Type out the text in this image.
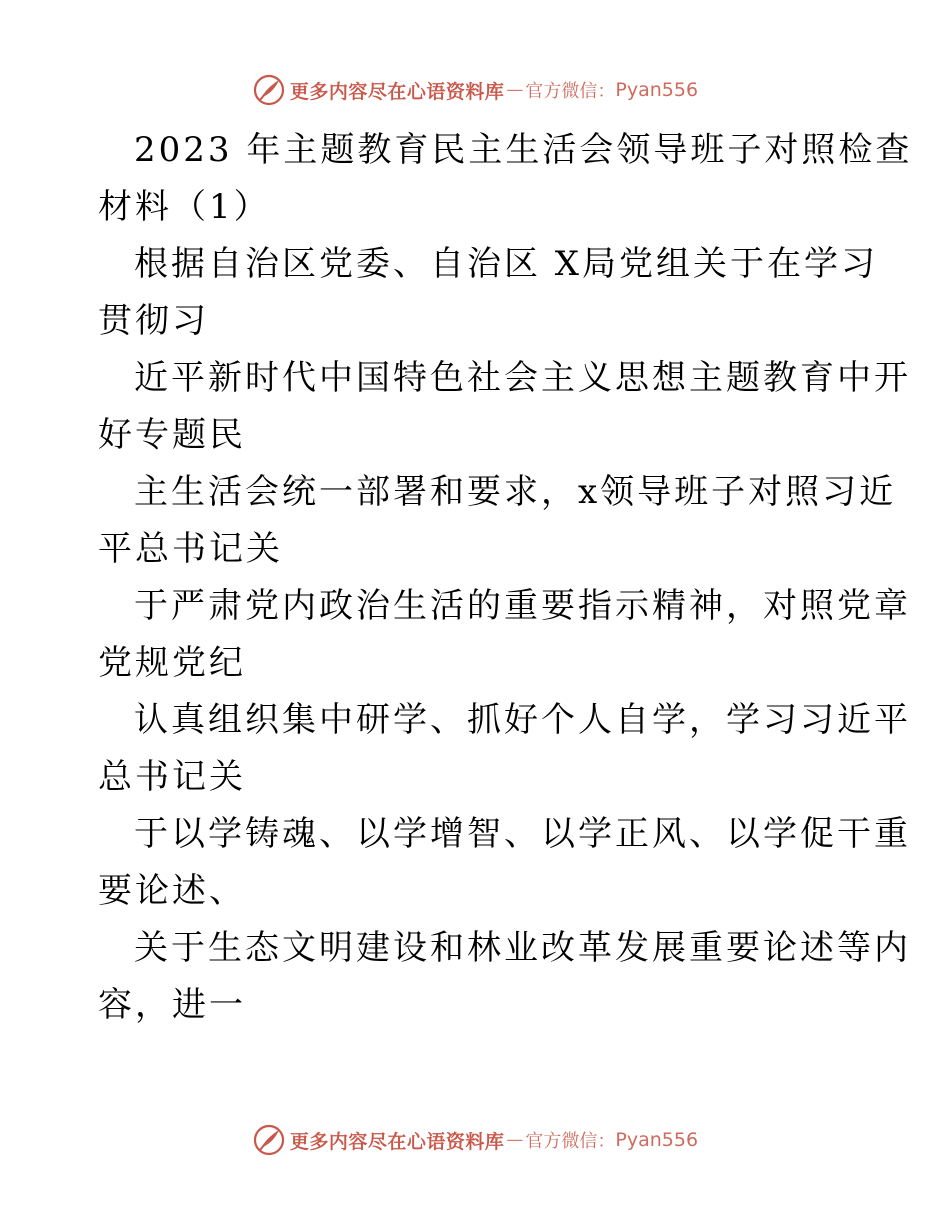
更多内容尽在心语资料库 — 官方微信： Pyan556
2023 年主题教育民主生活会领导班子对照检查
材料（1）
根据自治区党委、自治区 X局党组关于在学习
贯彻习
近平新时代中国特色社会主义思想主题教育中开
好专题民
主生活会统一部署和要求，x领导班子对照习近
平总书记关
于严肃党内政治生活的重要指示精神，对照党章
党规党纪
认真组织集中研学、抓好个人自学，学习习近平
总书记关
于以学铸魂、以学增智、以学正风、以学促干重
要论述、
关于生态文明建设和林业改革发展重要论述等内
容，进一
更多内容尽在心语资料库 — 官方微信： Pyan556
